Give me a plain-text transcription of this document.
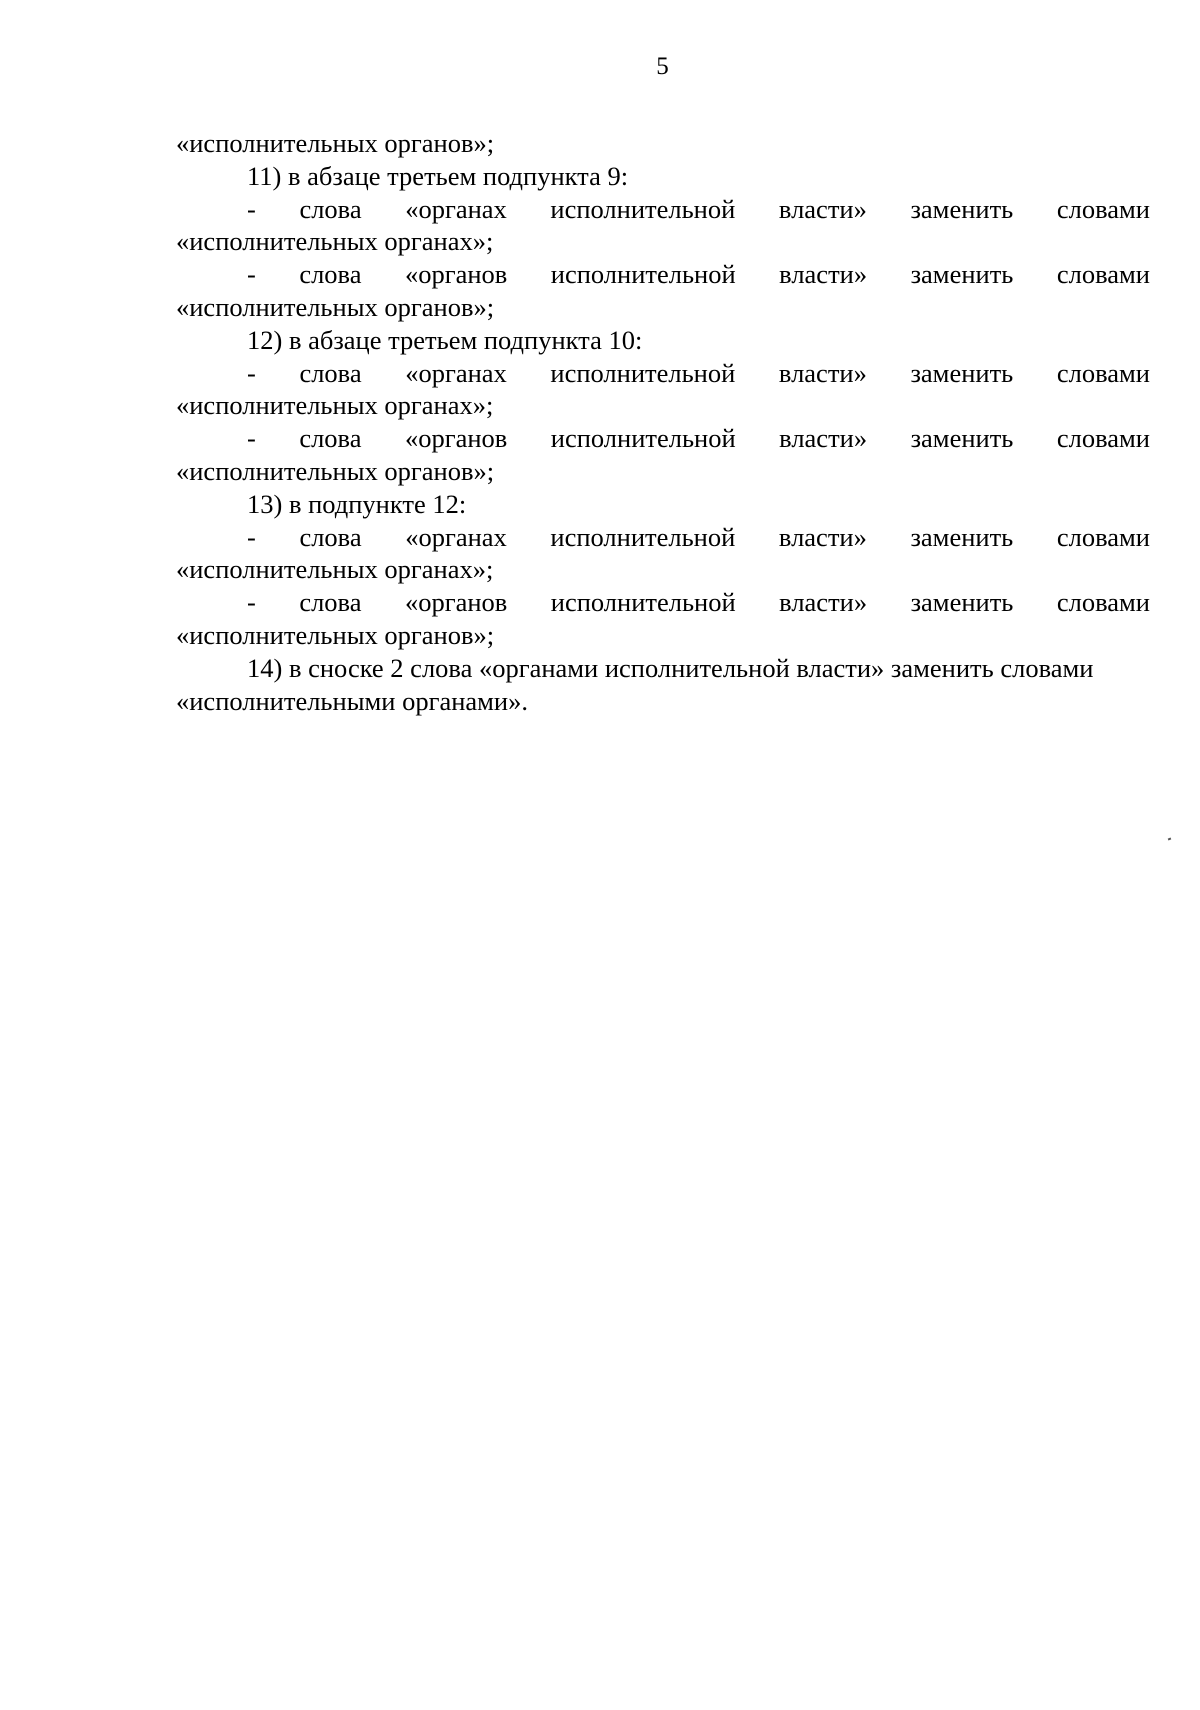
5
«исполнительных органов»;
11) в абзаце третьем подпункта 9:
- слова «органах исполнительной власти» заменить словами
«исполнительных органах»;
- слова «органов исполнительной власти» заменить словами
«исполнительных органов»;
12) в абзаце третьем подпункта 10:
- слова «органах исполнительной власти» заменить словами
«исполнительных органах»;
- слова «органов исполнительной власти» заменить словами
«исполнительных органов»;
13) в подпункте 12:
- слова «органах исполнительной власти» заменить словами
«исполнительных органах»;
- слова «органов исполнительной власти» заменить словами
«исполнительных органов»;
14) в сноске 2 слова «органами исполнительной власти» заменить словами
«исполнительными органами».
